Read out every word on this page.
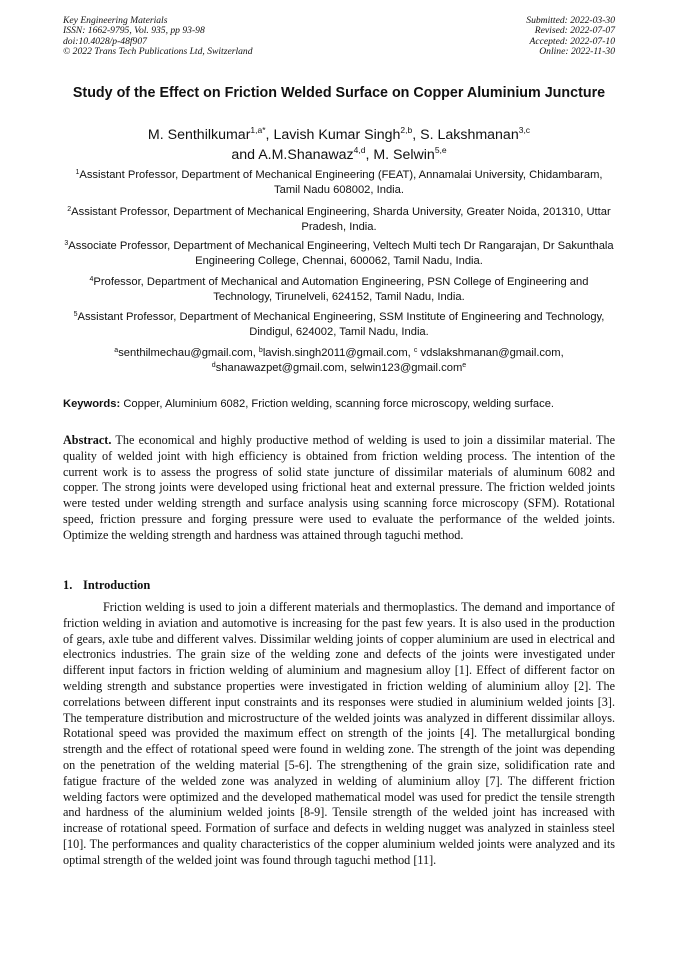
Key Engineering Materials
ISSN: 1662-9795, Vol. 935, pp 93-98
doi:10.4028/p-48f907
© 2022 Trans Tech Publications Ltd, Switzerland
Submitted: 2022-03-30
Revised: 2022-07-07
Accepted: 2022-07-10
Online: 2022-11-30
Study of the Effect on Friction Welded Surface on Copper Aluminium Juncture
M. Senthilkumar$^{1,a*}$, Lavish Kumar Singh$^{2,b}$, S. Lakshmanan$^{3,c}$
and A.M.Shanawaz$^{4,d}$, M. Selwin$^{5,e}$
$^1$Assistant Professor, Department of Mechanical Engineering (FEAT), Annamalai University, Chidambaram, Tamil Nadu 608002, India.
$^2$Assistant Professor, Department of Mechanical Engineering, Sharda University, Greater Noida, 201310, Uttar Pradesh, India.
$^3$Associate Professor, Department of Mechanical Engineering, Veltech Multi tech Dr Rangarajan, Dr Sakunthala Engineering College, Chennai, 600062, Tamil Nadu, India.
$^4$Professor, Department of Mechanical and Automation Engineering, PSN College of Engineering and Technology, Tirunelveli, 624152, Tamil Nadu, India.
$^5$Assistant Professor, Department of Mechanical Engineering, SSM Institute of Engineering and Technology, Dindigul, 624002, Tamil Nadu, India.
$^a$senthilmechau@gmail.com, $^b$lavish.singh2011@gmail.com, $^c$ vdslakshmanan@gmail.com,
$^d$shanawazpet@gmail.com, selwin123@gmail.com$^e$
Keywords: Copper, Aluminium 6082, Friction welding, scanning force microscopy, welding surface.
Abstract. The economical and highly productive method of welding is used to join a dissimilar material. The quality of welded joint with high efficiency is obtained from friction welding process. The intention of the current work is to assess the progress of solid state juncture of dissimilar materials of aluminum 6082 and copper. The strong joints were developed using frictional heat and external pressure. The friction welded joints were tested under welding strength and surface analysis using scanning force microscopy (SFM). Rotational speed, friction pressure and forging pressure were used to evaluate the performance of the welded joints. Optimize the welding strength and hardness was attained through taguchi method.
1. Introduction

Friction welding is used to join a different materials and thermoplastics. The demand and importance of friction welding in aviation and automotive is increasing for the past few years. It is also used in the production of gears, axle tube and different valves. Dissimilar welding joints of copper aluminium are used in electrical and electronics industries. The grain size of the welding zone and defects of the joints were investigated under different input factors in friction welding of aluminium and magnesium alloy [1]. Effect of different factor on welding strength and substance properties were investigated in friction welding of aluminium alloy [2]. The correlations between different input constraints and its responses were studied in aluminium welded joints [3]. The temperature distribution and microstructure of the welded joints was analyzed in different dissimilar alloys. Rotational speed was provided the maximum effect on strength of the joints [4]. The metallurgical bonding strength and the effect of rotational speed were found in welding zone. The strength of the joint was depending on the penetration of the welding material [5-6]. The strengthening of the grain size, solidification rate and fatigue fracture of the welded zone was analyzed in welding of aluminium alloy [7]. The different friction welding factors were optimized and the developed mathematical model was used for predict the tensile strength and hardness of the aluminium welded joints [8-9]. Tensile strength of the welded joint has increased with increase of rotational speed. Formation of surface and defects in welding nugget was analyzed in stainless steel [10]. The performances and quality characteristics of the copper aluminium welded joints were analyzed and its optimal strength of the welded joint was found through taguchi method [11].
